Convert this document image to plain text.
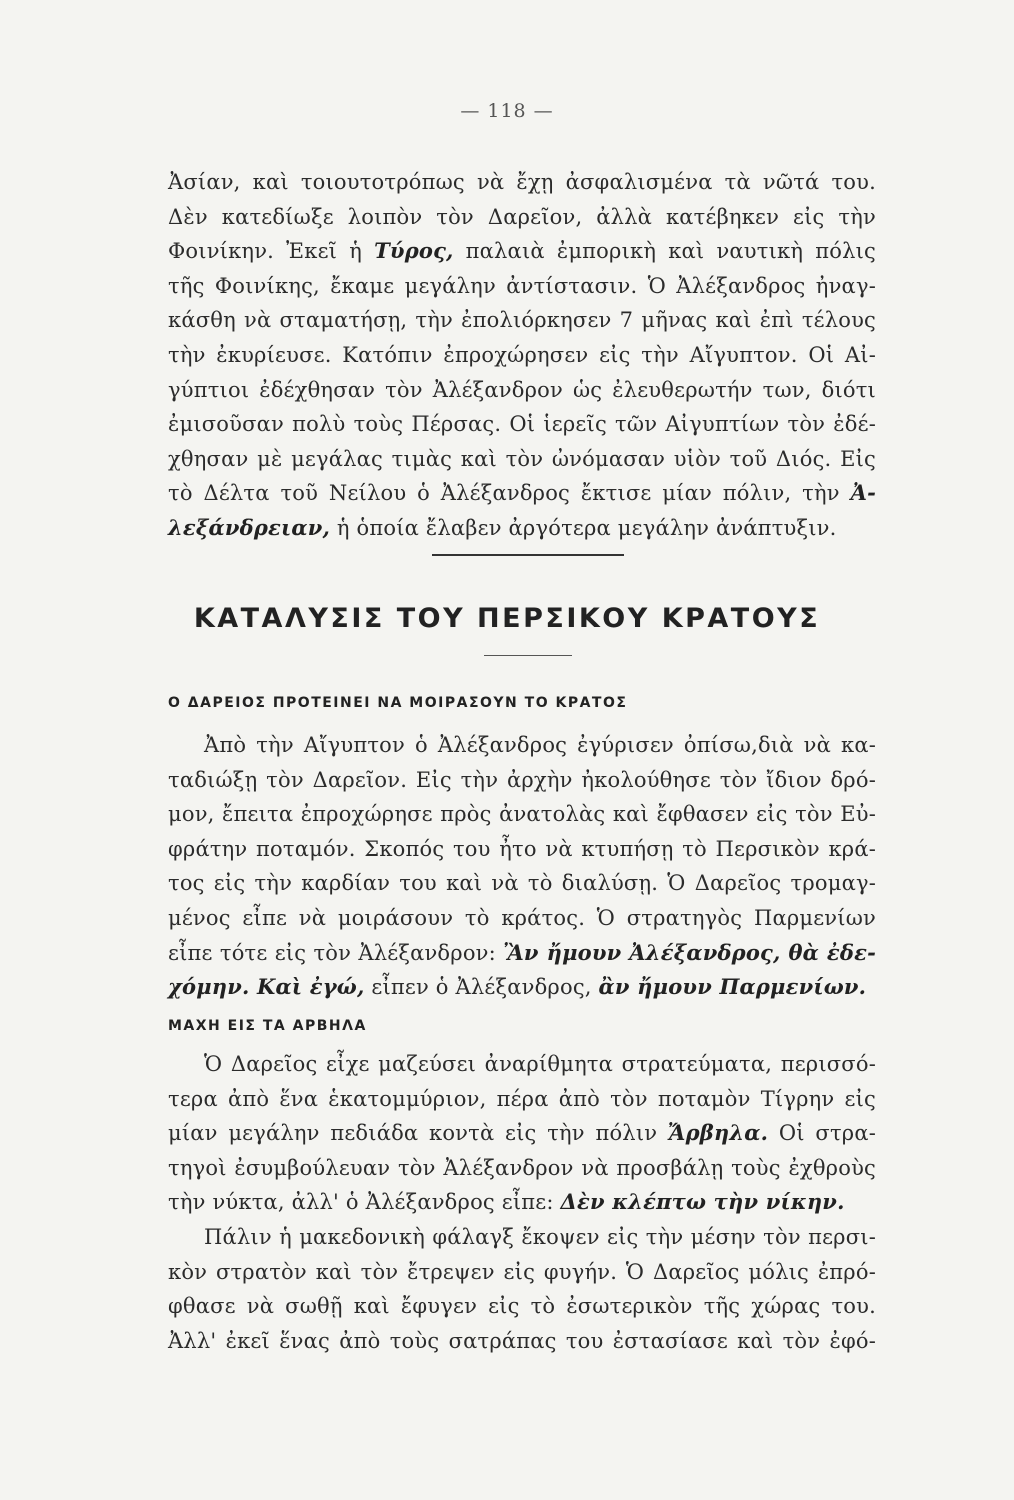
— 118 —
Ἀσίαν, καὶ τοιουτοτρόπως νὰ ἔχῃ ἀσφαλισμένα τὰ νῶτά του.
Δὲν κατεδίωξε λοιπὸν τὸν Δαρεῖον, ἀλλὰ κατέβηκεν εἰς τὴν
Φοινίκην. Ἐκεῖ ἡ Τύρος, παλαιὰ ἐμπορικὴ καὶ ναυτικὴ πόλις
τῆς Φοινίκης, ἔκαμε μεγάλην ἀντίστασιν. Ὁ Ἀλέξανδρος ἠναγ-
κάσθη νὰ σταματήσῃ, τὴν ἐπολιόρκησεν 7 μῆνας καὶ ἐπὶ τέλους
τὴν ἐκυρίευσε. Κατόπιν ἐπροχώρησεν εἰς τὴν Αἴγυπτον. Οἱ Αἰ-
γύπτιοι ἐδέχθησαν τὸν Ἀλέξανδρον ὡς ἐλευθερωτήν των, διότι
ἐμισοῦσαν πολὺ τοὺς Πέρσας. Οἱ ἱερεῖς τῶν Αἰγυπτίων τὸν ἐδέ-
χθησαν μὲ μεγάλας τιμὰς καὶ τὸν ὠνόμασαν υἱὸν τοῦ Διός. Εἰς
τὸ Δέλτα τοῦ Νείλου ὁ Ἀλέξανδρος ἔκτισε μίαν πόλιν, τὴν Ἀ-
λεξάνδρειαν, ἡ ὁποία ἔλαβεν ἀργότερα μεγάλην ἀνάπτυξιν.
ΚΑΤΑΛΥΣΙΣ ΤΟΥ ΠΕΡΣΙΚΟΥ ΚΡΑΤΟΥΣ
Ο ΔΑΡΕΙΟΣ ΠΡΟΤΕΙΝΕΙ ΝΑ ΜΟΙΡΑΣΟΥΝ ΤΟ ΚΡΑΤΟΣ
Ἀπὸ τὴν Αἴγυπτον ὁ Ἀλέξανδρος ἐγύρισεν ὀπίσω,διὰ νὰ κα-
ταδιώξῃ τὸν Δαρεῖον. Εἰς τὴν ἀρχὴν ἠκολούθησε τὸν ἴδιον δρό-
μον, ἔπειτα ἐπροχώρησε πρὸς ἀνατολὰς καὶ ἔφθασεν εἰς τὸν Εὐ-
φράτην ποταμόν. Σκοπός του ἦτο νὰ κτυπήσῃ τὸ Περσικὸν κρά-
τος εἰς τὴν καρδίαν του καὶ νὰ τὸ διαλύσῃ. Ὁ Δαρεῖος τρομαγ-
μένος εἶπε νὰ μοιράσουν τὸ κράτος. Ὁ στρατηγὸς Παρμενίων
εἶπε τότε εἰς τὸν Ἀλέξανδρον: Ἂν ἤμουν Ἀλέξανδρος, θὰ ἐδε-
χόμην. Καὶ ἐγώ, εἶπεν ὁ Ἀλέξανδρος, ἂν ἤμουν Παρμενίων.
ΜΑΧΗ ΕΙΣ ΤΑ ΑΡΒΗΛΑ
Ὁ Δαρεῖος εἶχε μαζεύσει ἀναρίθμητα στρατεύματα, περισσό-
τερα ἀπὸ ἕνα ἑκατομμύριον, πέρα ἀπὸ τὸν ποταμὸν Τίγρην εἰς
μίαν μεγάλην πεδιάδα κοντὰ εἰς τὴν πόλιν Ἄρβηλα. Οἱ στρα-
τηγοὶ ἐσυμβούλευαν τὸν Ἀλέξανδρον νὰ προσβάλῃ τοὺς ἐχθροὺς
τὴν νύκτα, ἀλλ' ὁ Ἀλέξανδρος εἶπε: Δὲν κλέπτω τὴν νίκην.
Πάλιν ἡ μακεδονικὴ φάλαγξ ἔκοψεν εἰς τὴν μέσην τὸν περσι-
κὸν στρατὸν καὶ τὸν ἔτρεψεν εἰς φυγήν. Ὁ Δαρεῖος μόλις ἐπρό-
φθασε νὰ σωθῇ καὶ ἔφυγεν εἰς τὸ ἐσωτερικὸν τῆς χώρας του.
Ἀλλ' ἐκεῖ ἕνας ἀπὸ τοὺς σατράπας του ἐστασίασε καὶ τὸν ἐφό-
